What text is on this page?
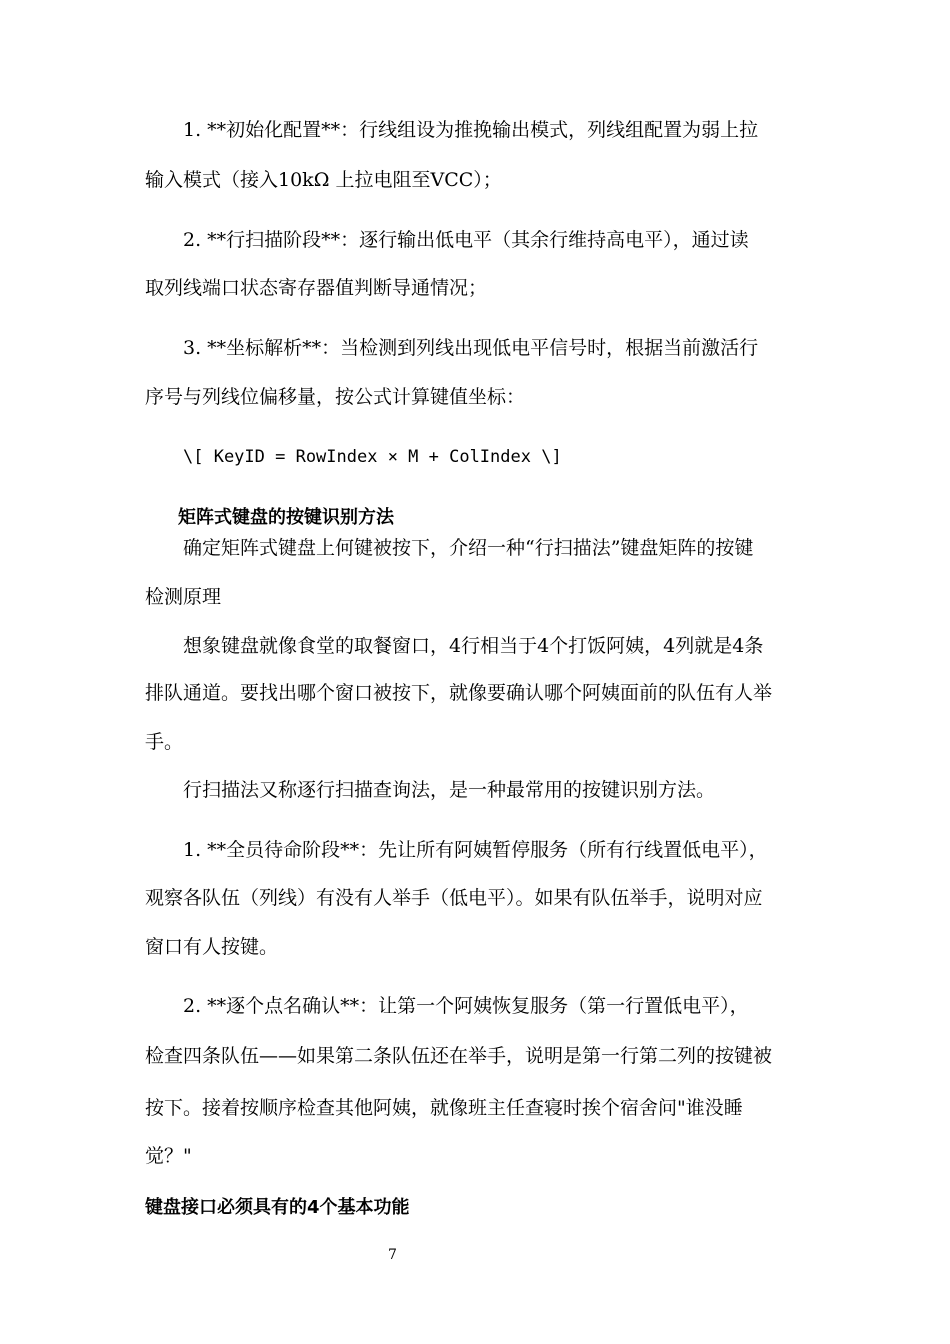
1. **初始化配置**：行线组设为推挽输出模式，列线组配置为弱上拉
输入模式（接入10kΩ 上拉电阻至VCC）；
2. **行扫描阶段**：逐行输出低电平（其余行维持高电平），通过读
取列线端口状态寄存器值判断导通情况；
3. **坐标解析**：当检测到列线出现低电平信号时，根据当前激活行
序号与列线位偏移量，按公式计算键值坐标：
\[ KeyID = RowIndex × M + ColIndex \]
矩阵式键盘的按键识别方法
确定矩阵式键盘上何键被按下，介绍一种“行扫描法”键盘矩阵的按键
检测原理
想象键盘就像食堂的取餐窗口，4行相当于4个打饭阿姨，4列就是4条
排队通道。要找出哪个窗口被按下，就像要确认哪个阿姨面前的队伍有人举
手。
行扫描法又称逐行扫描查询法，是一种最常用的按键识别方法。
1. **全员待命阶段**：先让所有阿姨暂停服务（所有行线置低电平），
观察各队伍（列线）有没有人举手（低电平）。如果有队伍举手，说明对应
窗口有人按键。
2. **逐个点名确认**：让第一个阿姨恢复服务（第一行置低电平），
检查四条队伍——如果第二条队伍还在举手，说明是第一行第二列的按键被
按下。接着按顺序检查其他阿姨，就像班主任查寝时挨个宿舍问"谁没睡
觉？"
键盘接口必须具有的4个基本功能
7
